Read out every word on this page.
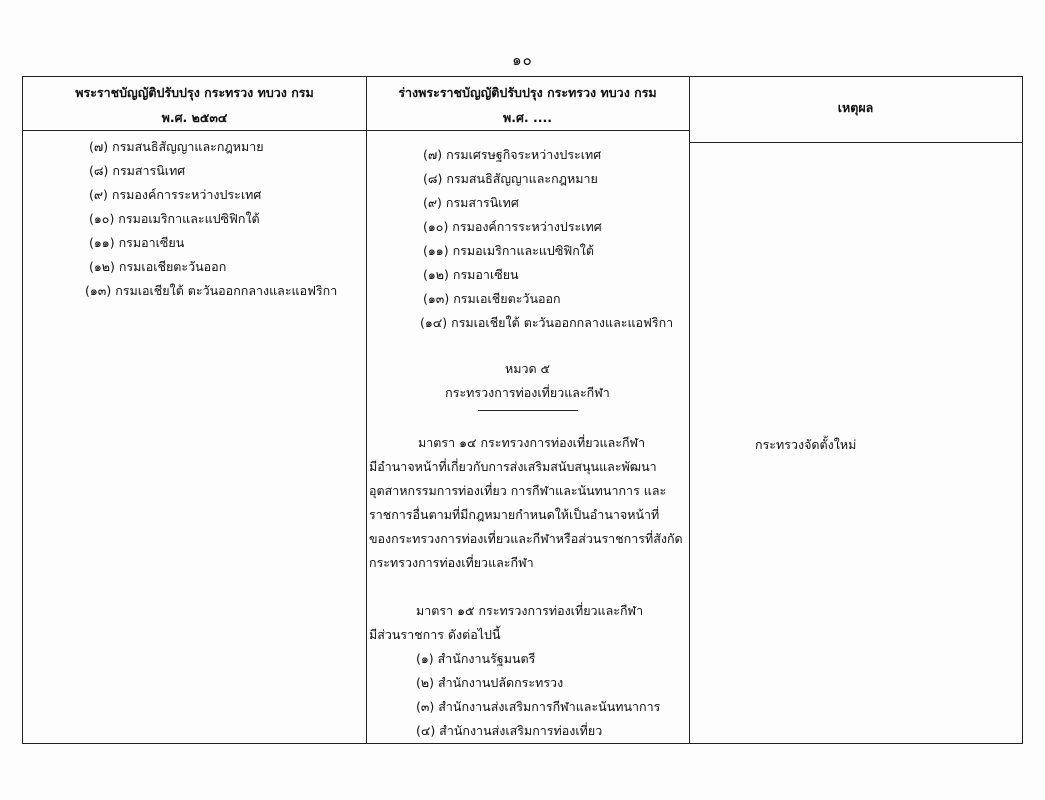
๑๐
พระราชบัญญัติปรับปรุง กระทรวง ทบวง กรม
พ.ศ. ๒๕๓๔
ร่างพระราชบัญญัติปรับปรุง กระทรวง ทบวง กรม
พ.ศ. ....
เหตุผล
(๗) กรมสนธิสัญญาและกฎหมาย
(๘) กรมสารนิเทศ
(๙) กรมองค์การระหว่างประเทศ
(๑๐) กรมอเมริกาและแปซิฟิกใต้
(๑๑) กรมอาเซียน
(๑๒) กรมเอเชียตะวันออก
(๑๓) กรมเอเชียใต้ ตะวันออกกลางและแอฟริกา
(๗) กรมเศรษฐกิจระหว่างประเทศ
(๘) กรมสนธิสัญญาและกฎหมาย
(๙) กรมสารนิเทศ
(๑๐) กรมองค์การระหว่างประเทศ
(๑๑) กรมอเมริกาและแปซิฟิกใต้
(๑๒) กรมอาเซียน
(๑๓) กรมเอเชียตะวันออก
(๑๔) กรมเอเชียใต้ ตะวันออกกลางและแอฟริกา
หมวด ๕
กระทรวงการท่องเที่ยวและกีฬา
มาตรา ๑๔ กระทรวงการท่องเที่ยวและกีฬา
มีอำนาจหน้าที่เกี่ยวกับการส่งเสริมสนับสนุนและพัฒนา
อุตสาหกรรมการท่องเที่ยว การกีฬาและนันทนาการ และ
ราชการอื่นตามที่มีกฎหมายกำหนดให้เป็นอำนาจหน้าที่
ของกระทรวงการท่องเที่ยวและกีฬาหรือส่วนราชการที่สังกัด
กระทรวงการท่องเที่ยวและกีฬา
มาตรา ๑๕ กระทรวงการท่องเที่ยวและกีฬา
มีส่วนราชการ ดังต่อไปนี้
(๑) สำนักงานรัฐมนตรี
(๒) สำนักงานปลัดกระทรวง
(๓) สำนักงานส่งเสริมการกีฬาและนันทนาการ
(๔) สำนักงานส่งเสริมการท่องเที่ยว
กระทรวงจัดตั้งใหม่
